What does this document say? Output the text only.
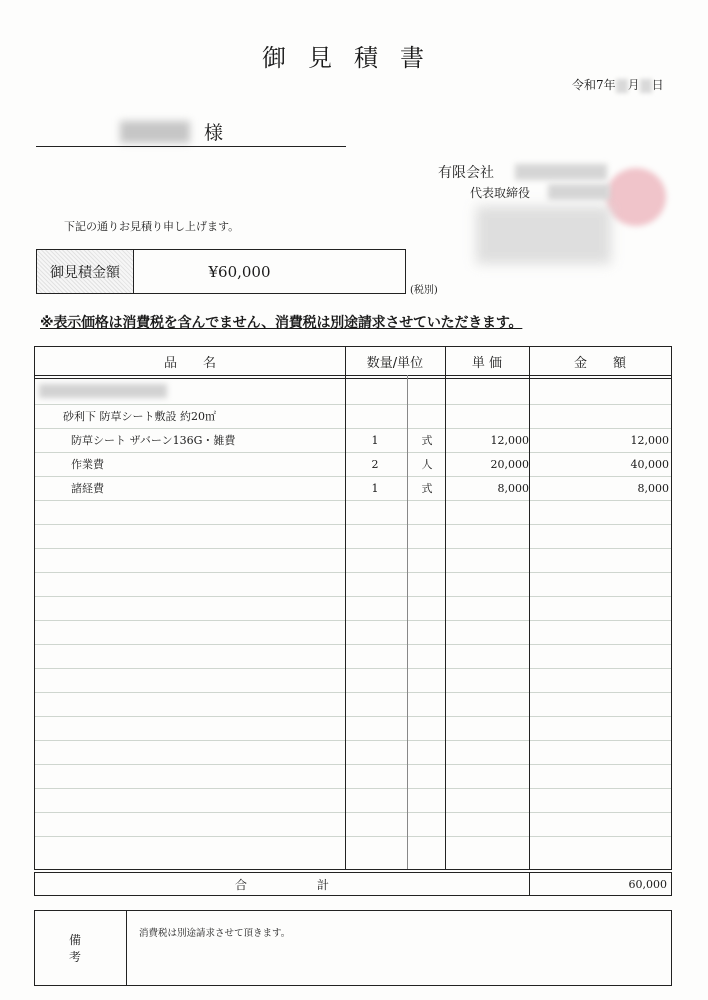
御見積書
令和7年 月 日
様
有限会社
代表取締役
下記の通りお見積り申し上げます。
御見積金額	¥60,000
(税別)
※表示価格は消費税を含んでません、消費税は別途請求させていただきます。
品　　名	数量/単位	単 価	金　　額
砂利下 防草シート敷設 約20㎡
防草シート ザバーン136G・雑費	1	式	12,000	12,000
作業費	2	人	20,000	40,000
諸経費	1	式	8,000	8,000
合計	60,000
備考
消費税は別途請求させて頂きます。
